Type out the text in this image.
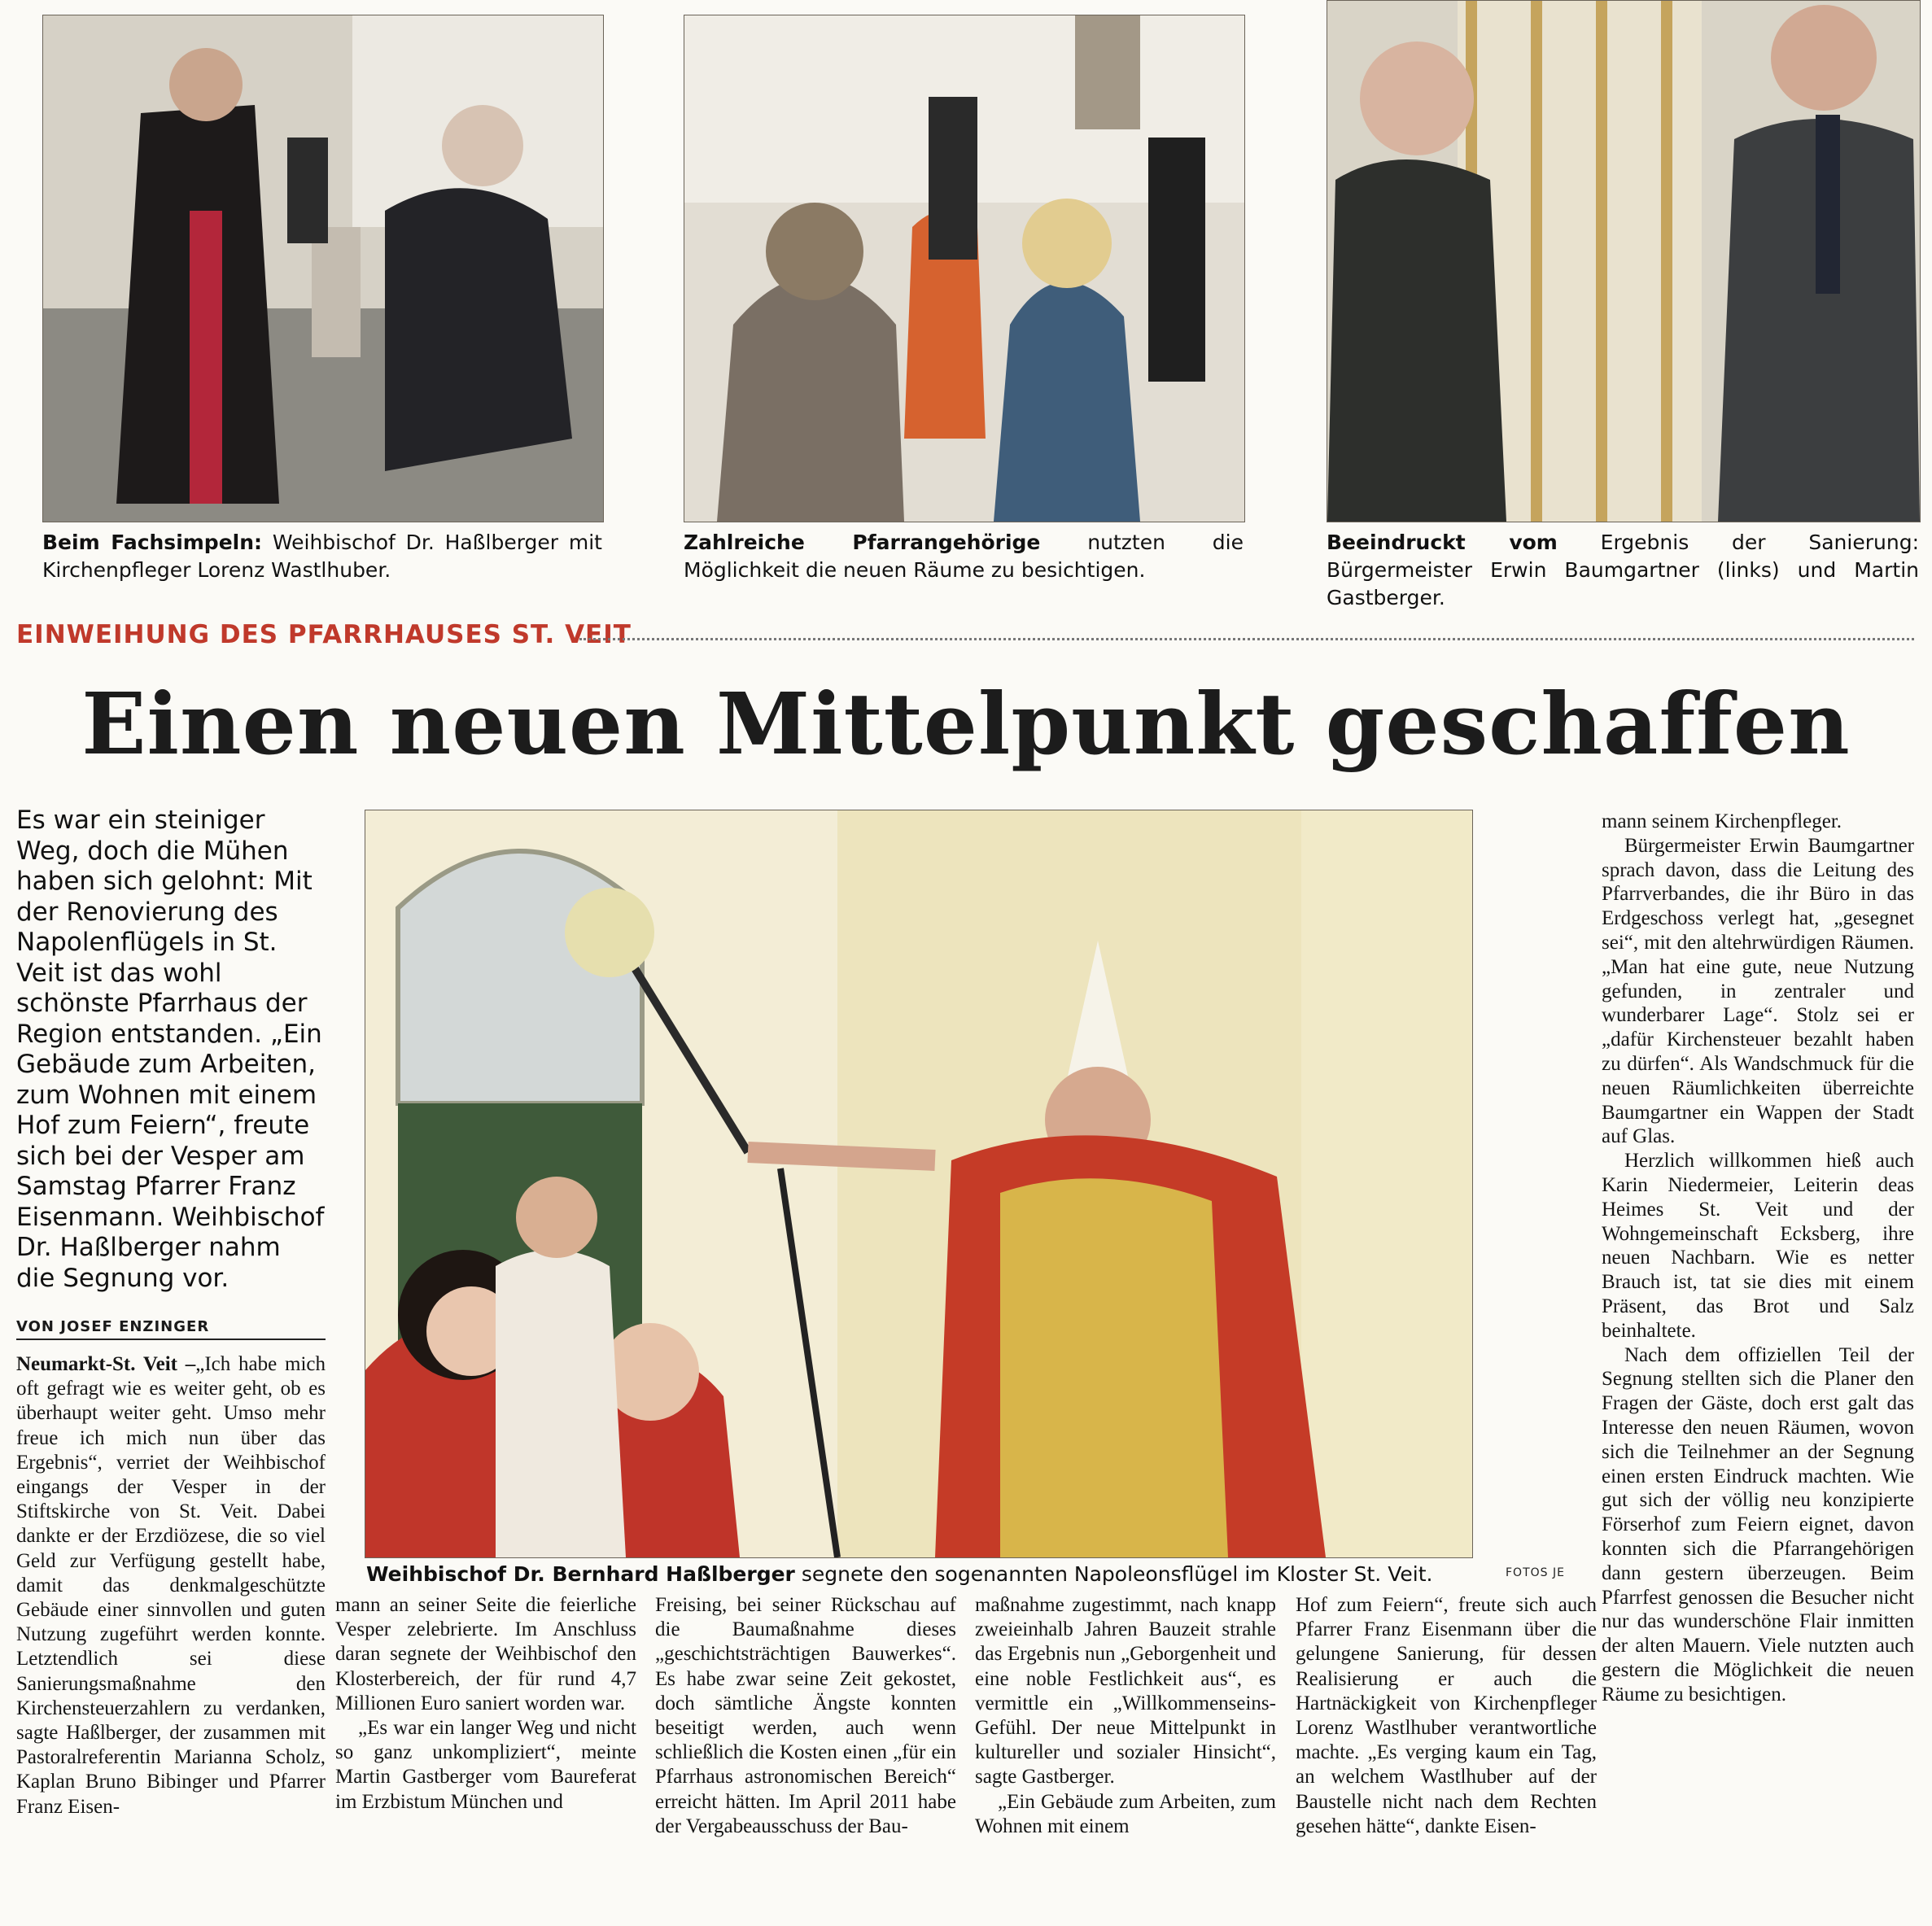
Beim Fachsimpeln: Weihbischof Dr. Haßlberger mit Kirchenpfleger Lorenz Wastlhuber.
Zahlreiche Pfarrangehörige nutzten die Möglichkeit die neuen Räume zu besichtigen.
Beeindruckt vom Ergebnis der Sanierung: Bürgermeister Erwin Baumgartner (links) und Martin Gastberger.
EINWEIHUNG DES PFARRHAUSES ST. VEIT
Einen neuen Mittelpunkt geschaffen
Es war ein steiniger Weg, doch die Mühen haben sich gelohnt: Mit der Renovierung des Napolenflügels in St. Veit ist das wohl schönste Pfarrhaus der Region entstanden. „Ein Gebäude zum Arbeiten, zum Wohnen mit einem Hof zum Feiern“, freute sich bei der Vesper am Samstag Pfarrer Franz Eisenmann. Weihbischof Dr. Haßlberger nahm die Segnung vor.
VON JOSEF ENZINGER
Weihbischof Dr. Bernhard Haßlberger segnete den sogenannten Napoleonsflügel im Kloster St. Veit.	FOTOS JE

Neumarkt-St. Veit –„Ich habe mich oft gefragt wie es weiter geht, ob es überhaupt weiter geht. Umso mehr freue ich mich nun über das Ergebnis“, verriet der Weihbischof eingangs der Vesper in der Stiftskirche von St. Veit. Dabei dankte er der Erzdiözese, die so viel Geld zur Verfügung gestellt habe, damit das denkmalgeschützte Gebäude einer sinnvollen und guten Nutzung zugeführt werden konnte. Letztendlich sei diese Sanierungsmaßnahme den Kirchensteuerzahlern zu verdanken, sagte Haßlberger, der zusammen mit Pastoralreferentin Marianna Scholz, Kaplan Bruno Bibinger und Pfarrer Franz Eisen-

mann an seiner Seite die feierliche Vesper zelebrierte. Im Anschluss daran segnete der Weihbischof den Klosterbereich, der für rund 4,7 Millionen Euro saniert worden war.

„Es war ein langer Weg und nicht so ganz unkompliziert“, meinte Martin Gastberger vom Baureferat im Erzbistum München und

Freising, bei seiner Rückschau auf die Baumaßnahme dieses „geschichtsträchtigen Bauwerkes“. Es habe zwar seine Zeit gekostet, doch sämtliche Ängste konnten beseitigt werden, auch wenn schließlich die Kosten einen „für ein Pfarrhaus astronomischen Bereich“ erreicht hätten. Im April 2011 habe der Vergabeausschuss der Bau-

maßnahme zugestimmt, nach knapp zweieinhalb Jahren Bauzeit strahle das Ergebnis nun „Geborgenheit und eine noble Festlichkeit aus“, es vermittle ein „Willkommenseins-Gefühl. Der neue Mittelpunkt in kultureller und sozialer Hinsicht“, sagte Gastberger.

„Ein Gebäude zum Arbeiten, zum Wohnen mit einem

Hof zum Feiern“, freute sich auch Pfarrer Franz Eisenmann über die gelungene Sanierung, für dessen Realisierung er auch die Hartnäckigkeit von Kirchenpfleger Lorenz Wastlhuber verantwortliche machte. „Es verging kaum ein Tag, an welchem Wastlhuber auf der Baustelle nicht nach dem Rechten gesehen hätte“, dankte Eisen-

mann seinem Kirchenpfleger.

Bürgermeister Erwin Baumgartner sprach davon, dass die Leitung des Pfarrverbandes, die ihr Büro in das Erdgeschoss verlegt hat, „gesegnet sei“, mit den altehrwürdigen Räumen. „Man hat eine gute, neue Nutzung gefunden, in zentraler und wunderbarer Lage“. Stolz sei er „dafür Kirchensteuer bezahlt haben zu dürfen“. Als Wandschmuck für die neuen Räumlichkeiten überreichte Baumgartner ein Wappen der Stadt auf Glas.

Herzlich willkommen hieß auch Karin Niedermeier, Leiterin deas Heimes St. Veit und der Wohngemeinschaft Ecksberg, ihre neuen Nachbarn. Wie es netter Brauch ist, tat sie dies mit einem Präsent, das Brot und Salz beinhaltete.

Nach dem offiziellen Teil der Segnung stellten sich die Planer den Fragen der Gäste, doch erst galt das Interesse den neuen Räumen, wovon sich die Teilnehmer an der Segnung einen ersten Eindruck machten. Wie gut sich der völlig neu konzipierte Förserhof zum Feiern eignet, davon konnten sich die Pfarrangehörigen dann gestern überzeugen. Beim Pfarrfest genossen die Besucher nicht nur das wunderschöne Flair inmitten der alten Mauern. Viele nutzten auch gestern die Möglichkeit die neuen Räume zu besichtigen.
